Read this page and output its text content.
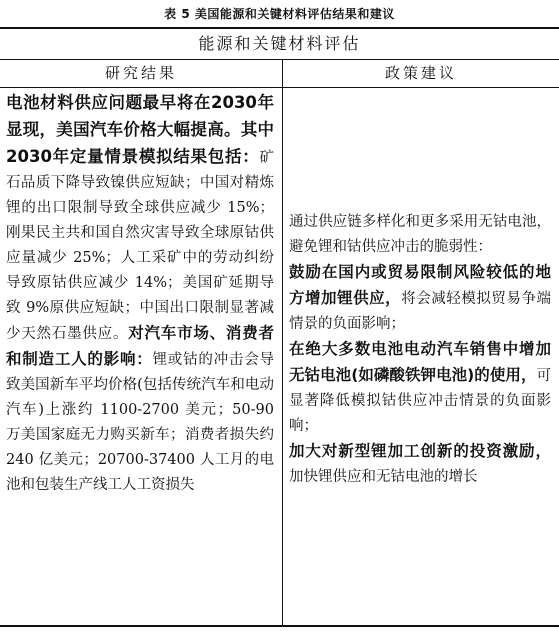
表 5 美国能源和关键材料评估结果和建议
能源和关键材料评估
研究结果	政策建议
电池材料供应问题最早将在2030年显现，美国汽车价格大幅提高。其中2030年定量情景模拟结果包括：矿石品质下降导致镍供应短缺；中国对精炼锂的出口限制导致全球供应减少 15%；刚果民主共和国自然灾害导致全球原钴供应量减少 25%；人工采矿中的劳动纠纷导致原钴供应减少 14%；美国矿延期导致 9%原供应短缺；中国出口限制显著减少天然石墨供应。对汽车市场、消费者和制造工人的影响：锂或钴的冲击会导致美国新车平均价格(包括传统汽车和电动汽车)上涨约 1100-2700 美元；50-90 万美国家庭无力购买新车；消费者损失约 240 亿美元；20700-37400 人工月的电池和包装生产线工人工资损失
通过供应链多样化和更多采用无钴电池，避免锂和钴供应冲击的脆弱性：
鼓励在国内或贸易限制风险较低的地方增加锂供应，将会减轻模拟贸易争端情景的负面影响；
在绝大多数电池电动汽车销售中增加无钴电池(如磷酸铁钾电池)的使用，可显著降低模拟钴供应冲击情景的负面影响；
加大对新型锂加工创新的投资激励，加快锂供应和无钴电池的增长
